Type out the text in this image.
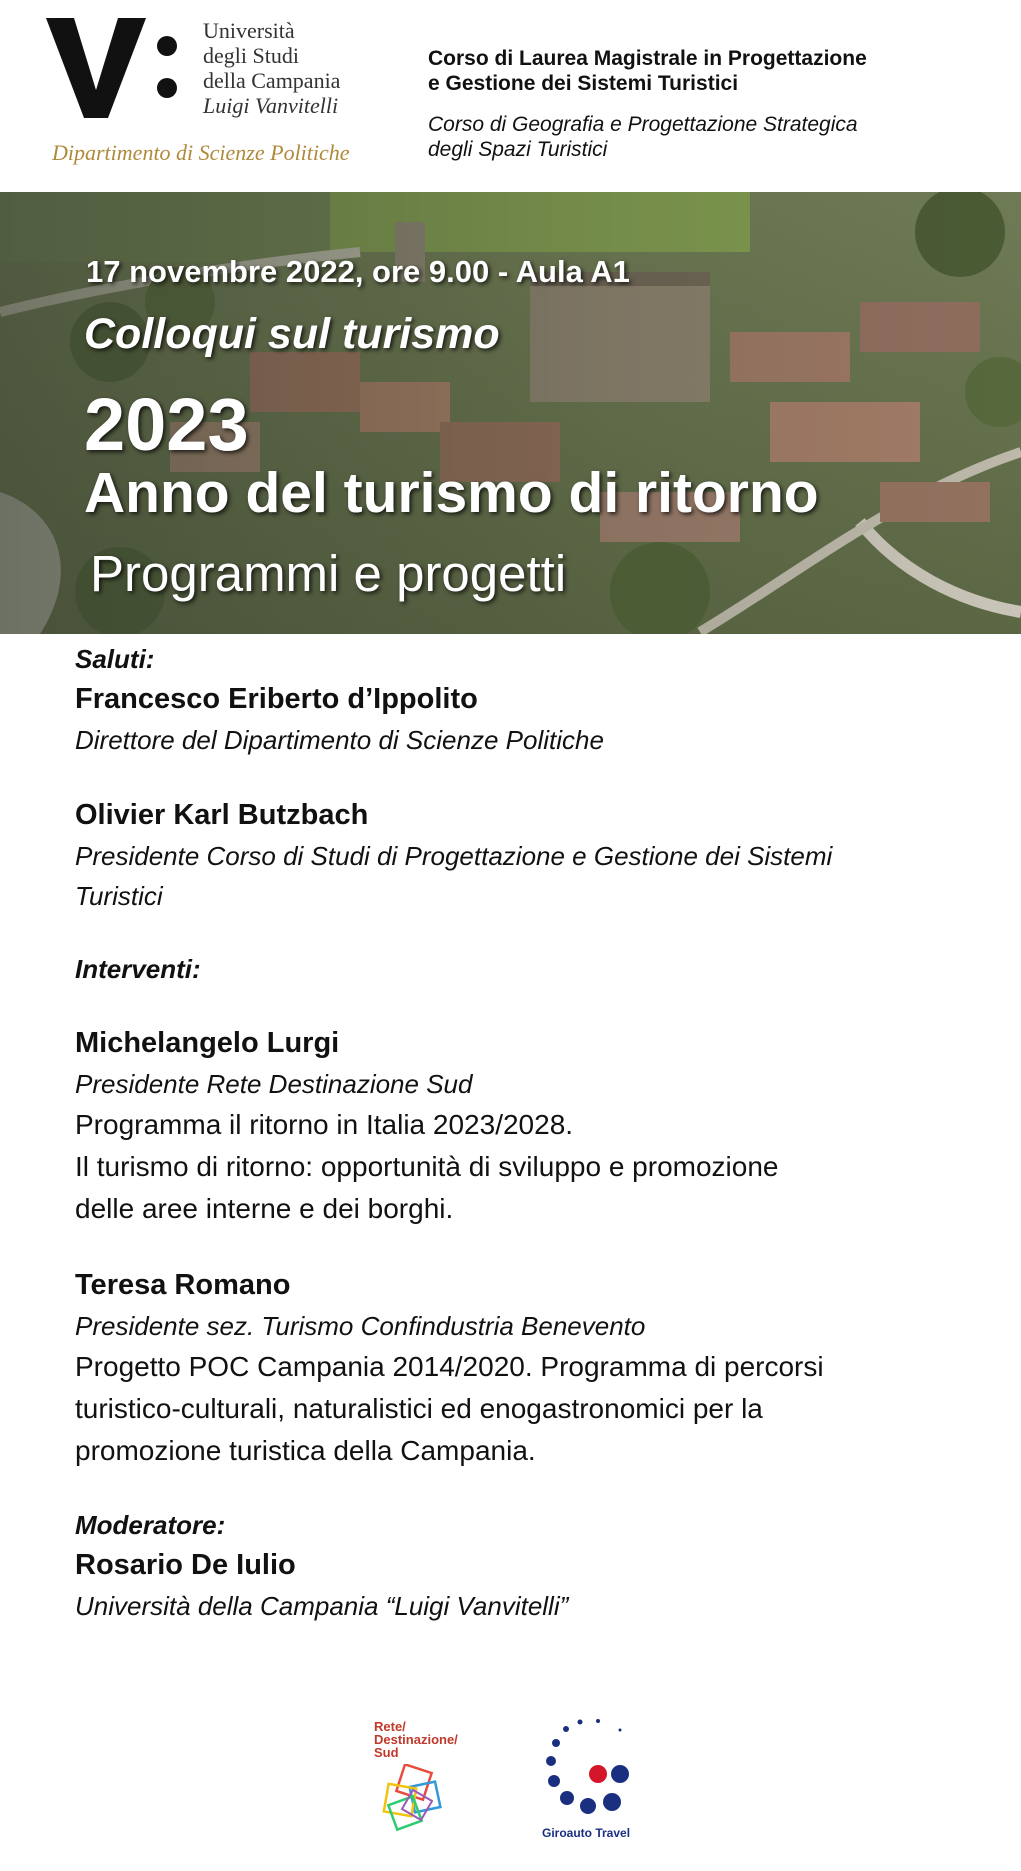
Università
degli Studi
della Campania
Luigi Vanvitelli
Dipartimento di Scienze Politiche
Corso di Laurea Magistrale in Progettazione
e Gestione dei Sistemi Turistici
Corso di Geografia e Progettazione Strategica
degli Spazi Turistici
17 novembre 2022, ore 9.00 - Aula A1
Colloqui sul turismo
2023
Anno del turismo di ritorno
Programmi e progetti
Saluti:
Francesco Eriberto d’Ippolito
Direttore del Dipartimento di Scienze Politiche
Olivier Karl Butzbach
Presidente Corso di Studi di Progettazione e Gestione dei Sistemi
Turistici
Interventi:
Michelangelo Lurgi
Presidente Rete Destinazione Sud
Programma il ritorno in Italia 2023/2028.
Il turismo di ritorno: opportunità di sviluppo e promozione
delle aree interne e dei borghi.
Teresa Romano
Presidente sez. Turismo Confindustria Benevento
Progetto POC Campania 2014/2020. Programma di percorsi
turistico-culturali, naturalistici ed enogastronomici per la
promozione turistica della Campania.
Moderatore:
Rosario De Iulio
Università della Campania “Luigi Vanvitelli”
Rete/
Destinazione/
Sud
Giroauto Travel
